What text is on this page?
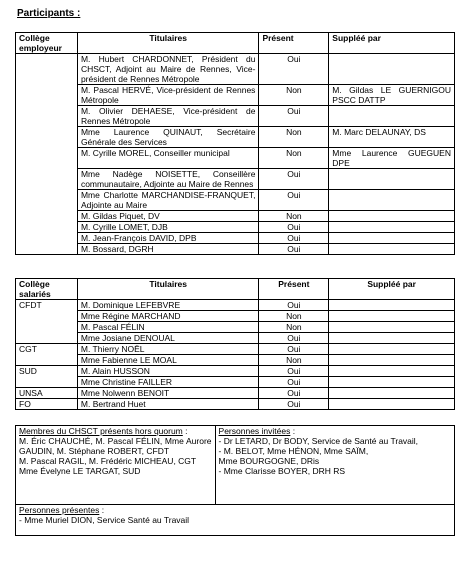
Participants :
Collège employeur	Titulaires	Présent	Suppléé par
	M. Hubert CHARDONNET, Président du CHSCT, Adjoint au Maire de Rennes, Vice-président de Rennes Métropole	Oui	
	M. Pascal HERVÉ, Vice-président de Rennes Métropole	Non	M. Gildas LE GUERNIGOU PSCC DATTP
	M. Olivier DEHAESE, Vice-président de Rennes Métropole	Oui	
	Mme Laurence QUINAUT, Secrétaire Générale des Services	Non	M. Marc DELAUNAY, DS
	M. Cyrille MOREL, Conseiller municipal	Non	Mme Laurence GUEGUEN DPE
	Mme Nadège NOISETTE, Conseillère communautaire, Adjointe au Maire de Rennes	Oui	
	Mme Charlotte MARCHANDISE-FRANQUET, Adjointe au Maire	Oui	
	M. Gildas Piquet, DV	Non	
	M. Cyrille LOMET, DJB	Oui	
	M. Jean-François DAVID, DPB	Oui	
	M. Bossard, DGRH	Oui	
Collège salariés	Titulaires	Présent	Suppléé par
CFDT	M. Dominique LEFEBVRE	Oui	
	Mme Régine MARCHAND	Non	
	M. Pascal FÉLIN	Non	
	Mme Josiane DENOUAL	Oui	
CGT	M. Thierry NOËL	Oui	
	Mme Fabienne LE MOAL	Non	
SUD	M. Alain HUSSON	Oui	
	Mme Christine FAILLER	Oui	
UNSA	Mme Nolwenn BENOIT	Oui	
FO	M. Bertrand Huet	Oui	
Membres du CHSCT présents hors quorum :
M. Éric CHAUCHÉ, M. Pascal FÉLIN, Mme Aurore GAUDIN, M. Stéphane ROBERT, CFDT
M. Pascal RAGIL, M. Frédéric MICHEAU, CGT
Mme Évelyne LE TARGAT, SUD	Personnes invitées :
- Dr LETARD, Dr BODY, Service de Santé au Travail,
- M. BELOT, Mme HÉNON, Mme SAÏM,
Mme BOURGOGNE, DRis
- Mme Clarisse BOYER, DRH RS
Personnes présentes :
- Mme Muriel DION, Service Santé au Travail
